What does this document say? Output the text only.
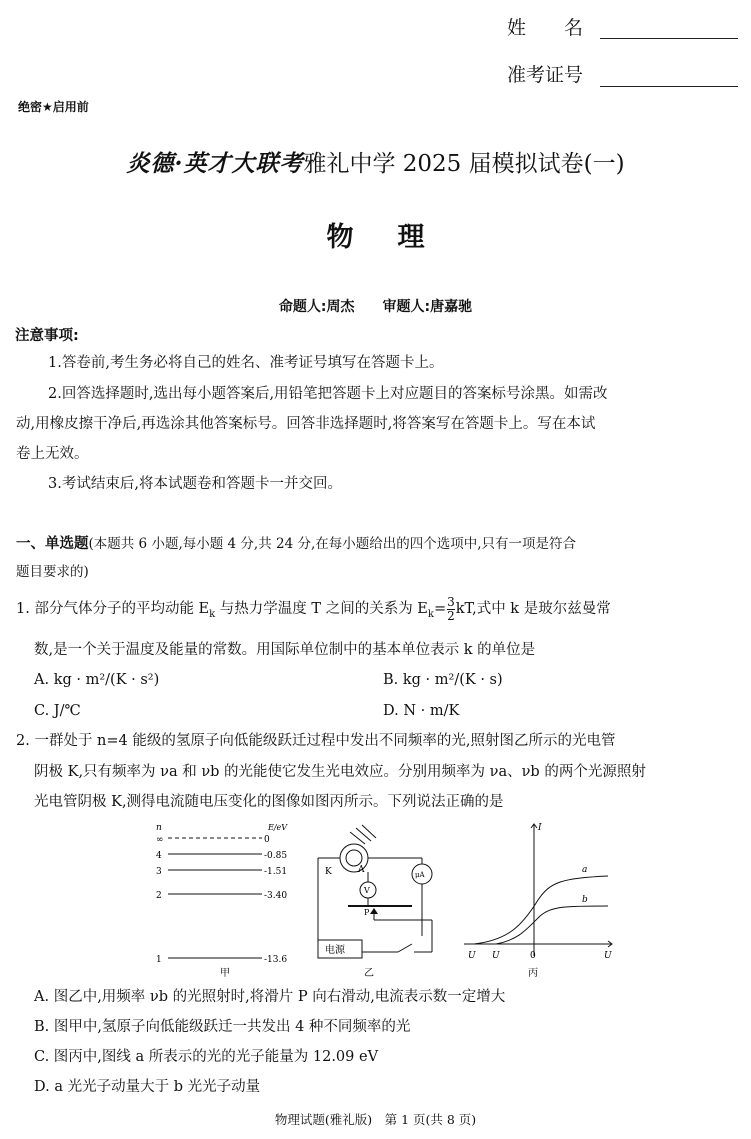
姓　　名
准考证号
绝密★启用前
炎德·英才大联考雅礼中学 2025 届模拟试卷(一)
物理
命题人:周杰　　审题人:唐嘉驰
注意事项:
1.答卷前,考生务必将自己的姓名、准考证号填写在答题卡上。
2.回答选择题时,选出每小题答案后,用铅笔把答题卡上对应题目的答案标号涂黑。如需改
动,用橡皮擦干净后,再选涂其他答案标号。回答非选择题时,将答案写在答题卡上。写在本试
卷上无效。
3.考试结束后,将本试题卷和答题卡一并交回。
一、单选题(本题共 6 小题,每小题 4 分,共 24 分,在每小题给出的四个选项中,只有一项是符合
题目要求的)
1. 部分气体分子的平均动能 $E_k$ 与热力学温度 T 之间的关系为 $E_k= \frac{3}{2}$ kT,式中 k 是玻尔兹曼常
数,是一个关于温度及能量的常数。用国际单位制中的基本单位表示 k 的单位是
A. kg · m²/(K · s²)	B. kg · m²/(K · s)
C. J/℃	D. N · m/K
2. 一群处于 n=4 能级的氢原子向低能级跃迁过程中发出不同频率的光,照射图乙所示的光电管
阴极 K,只有频率为 νa 和 νb 的光能使它发生光电效应。分别用频率为 νa、νb 的两个光源照射
光电管阴极 K,测得电流随电压变化的图像如图丙所示。下列说法正确的是
n	E/eV
∞	0
4	-0.85
3	-1.51
2	-3.40
1	-13.6
甲
K	A
V
μA
P
电源
乙
I
U
0
U U
a
b
丙
A. 图乙中,用频率 νb 的光照射时,将滑片 P 向右滑动,电流表示数一定增大
B. 图甲中,氢原子向低能级跃迁一共发出 4 种不同频率的光
C. 图丙中,图线 a 所表示的光的光子能量为 12.09 eV
D. a 光光子动量大于 b 光光子动量
物理试题(雅礼版)　第 1 页(共 8 页)
